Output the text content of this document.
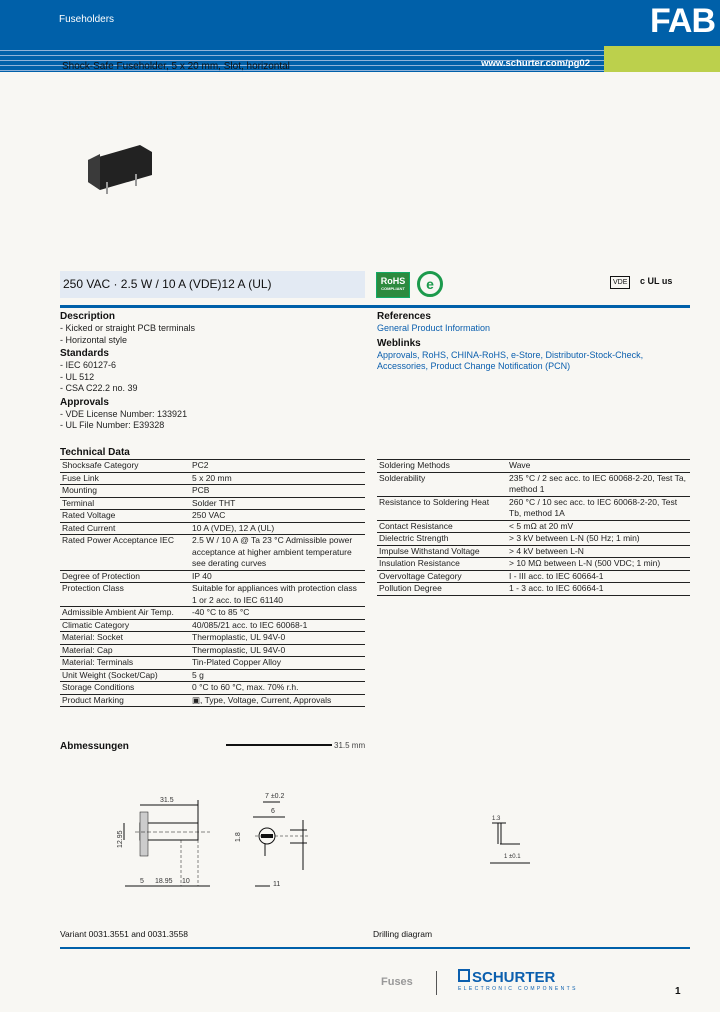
Fuseholders	FAB
www.schurter.com/pg02
Shock-Safe Fuseholder, 5 x 20 mm, Slot, horizontal
250 VAC · 2.5 W / 10 A (VDE)12 A (UL)	RoHS
COMPLIANT	e	VDE	c UL us
Description
- Kicked or straight PCB terminals
- Horizontal style
Standards
- IEC 60127-6
- UL 512
- CSA C22.2 no. 39
Approvals
- VDE License Number: 133921
- UL File Number: E39328
References
General Product Information
Weblinks
Approvals, RoHS, CHINA-RoHS, e-Store, Distributor-Stock-Check,
Accessories, Product Change Notification (PCN)
Technical Data
Shocksafe Category	PC2
Fuse Link	5 x 20 mm
Mounting	PCB
Terminal	Solder THT
Rated Voltage	250 VAC
Rated Current	10 A (VDE), 12 A (UL)
Rated Power Acceptance IEC	2.5 W / 10 A @ Ta 23 °C Admissible power acceptance at higher ambient temperature see derating curves
Degree of Protection	IP 40
Protection Class	Suitable for appliances with protection class 1 or 2 acc. to IEC 61140
Admissible Ambient Air Temp.	-40 °C to 85 °C
Climatic Category	40/085/21 acc. to IEC 60068-1
Material: Socket	Thermoplastic, UL 94V-0
Material: Cap	Thermoplastic, UL 94V-0
Material: Terminals	Tin-Plated Copper Alloy
Unit Weight (Socket/Cap)	5 g
Storage Conditions	0 °C to 60 °C, max. 70% r.h.
Product Marking	▣, Type, Voltage, Current, Approvals
Soldering Methods	Wave
Solderability	235 °C / 2 sec acc. to IEC 60068-2-20, Test Ta, method 1
Resistance to Soldering Heat	260 °C / 10 sec acc. to IEC 60068-2-20, Test Tb, method 1A
Contact Resistance	< 5 mΩ at 20 mV
Dielectric Strength	> 3 kV between L-N (50 Hz; 1 min)
Impulse Withstand Voltage	> 4 kV between L-N
Insulation Resistance	> 10 MΩ between L-N (500 VDC; 1 min)
Overvoltage Category	I - III acc. to IEC 60664-1
Pollution Degree	1 - 3 acc. to IEC 60664-1
Abmessungen	31.5 mm
31.5
12.95
5 18.95 10
7 ±0.2
6
1.8
11
1.3
1 ±0.1
Variant 0031.3551 and 0031.3558	Drilling diagram
Fuses	SCHURTER
ELECTRONIC COMPONENTS	1
